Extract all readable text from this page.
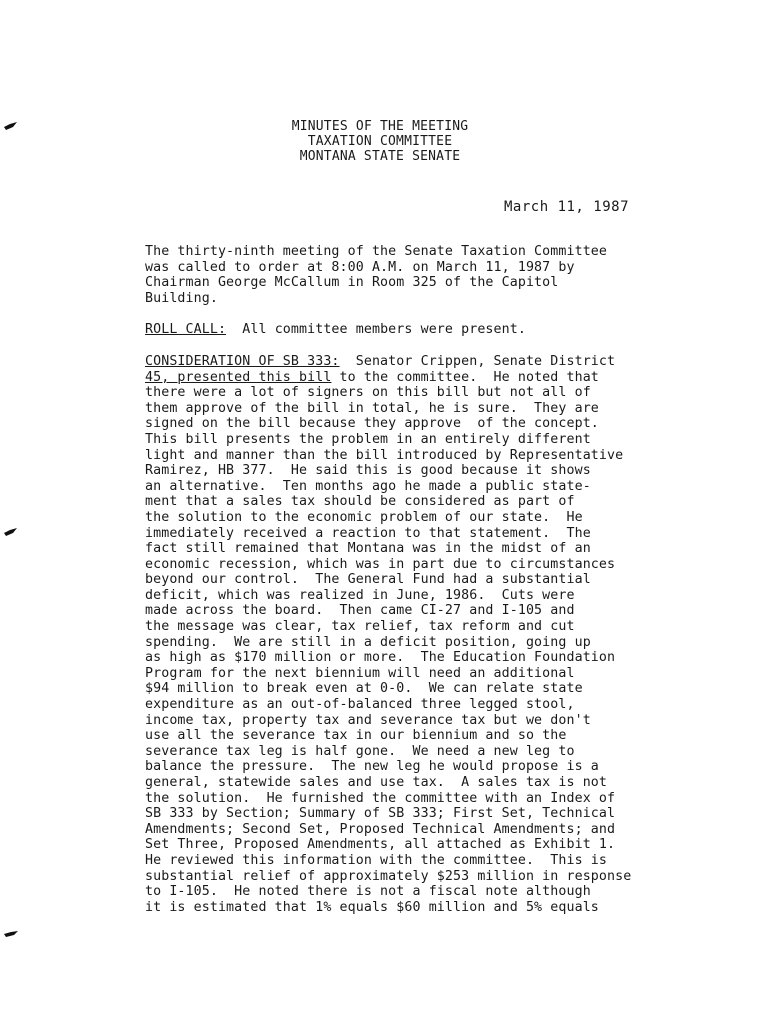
MINUTES OF THE MEETING
TAXATION COMMITTEE
MONTANA STATE SENATE
March 11, 1987
The thirty-ninth meeting of the Senate Taxation Committee
was called to order at 8:00 A.M. on March 11, 1987 by
Chairman George McCallum in Room 325 of the Capitol
Building.
ROLL CALL:  All committee members were present.
CONSIDERATION OF SB 333:  Senator Crippen, Senate District
45, presented this bill to the committee.  He noted that
there were a lot of signers on this bill but not all of
them approve of the bill in total, he is sure.  They are
signed on the bill because they approve  of the concept.
This bill presents the problem in an entirely different
light and manner than the bill introduced by Representative
Ramirez, HB 377.  He said this is good because it shows
an alternative.  Ten months ago he made a public state-
ment that a sales tax should be considered as part of
the solution to the economic problem of our state.  He
immediately received a reaction to that statement.  The
fact still remained that Montana was in the midst of an
economic recession, which was in part due to circumstances
beyond our control.  The General Fund had a substantial
deficit, which was realized in June, 1986.  Cuts were
made across the board.  Then came CI-27 and I-105 and
the message was clear, tax relief, tax reform and cut
spending.  We are still in a deficit position, going up
as high as $170 million or more.  The Education Foundation
Program for the next biennium will need an additional
$94 million to break even at 0-0.  We can relate state
expenditure as an out-of-balanced three legged stool,
income tax, property tax and severance tax but we don't
use all the severance tax in our biennium and so the
severance tax leg is half gone.  We need a new leg to
balance the pressure.  The new leg he would propose is a
general, statewide sales and use tax.  A sales tax is not
the solution.  He furnished the committee with an Index of
SB 333 by Section; Summary of SB 333; First Set, Technical
Amendments; Second Set, Proposed Technical Amendments; and
Set Three, Proposed Amendments, all attached as Exhibit 1.
He reviewed this information with the committee.  This is
substantial relief of approximately $253 million in response
to I-105.  He noted there is not a fiscal note although
it is estimated that 1% equals $60 million and 5% equals
